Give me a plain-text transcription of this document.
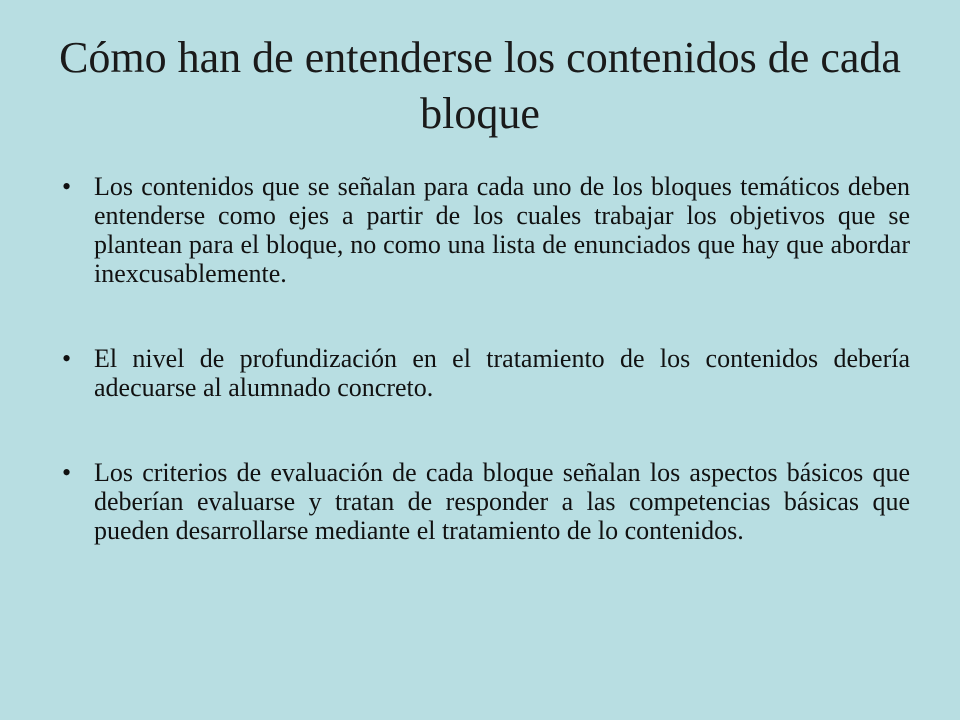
Cómo han de entenderse los contenidos de cada bloque
• Los contenidos que se señalan para cada uno de los bloques temáticos deben entenderse como ejes a partir de los cuales trabajar los objetivos que se plantean para el bloque, no como una lista de enunciados que hay que abordar inexcusablemente.
• El nivel de profundización en el tratamiento de los contenidos debería adecuarse al alumnado concreto.
• Los criterios de evaluación de cada bloque señalan los aspectos básicos que deberían evaluarse y tratan de responder a las competencias básicas que pueden desarrollarse mediante el tratamiento de lo contenidos.
